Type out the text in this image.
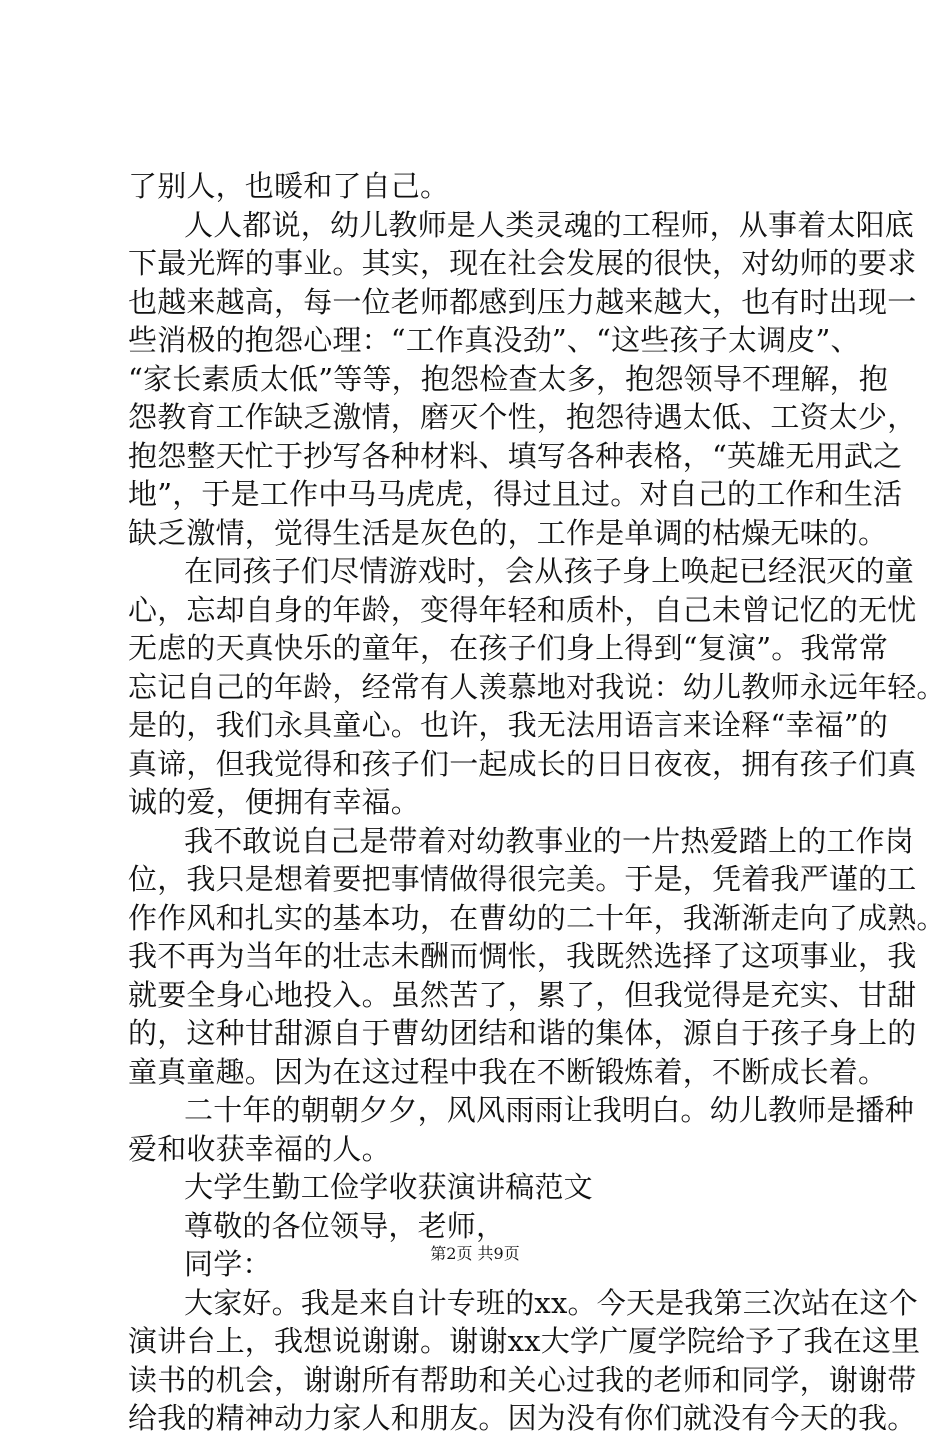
了别人，也暖和了自己。
人人都说，幼儿教师是人类灵魂的工程师，从事着太阳底
下最光辉的事业。其实，现在社会发展的很快，对幼师的要求
也越来越高，每一位老师都感到压力越来越大，也有时出现一
些消极的抱怨心理：“工作真没劲”、“这些孩子太调皮”、
“家长素质太低”等等，抱怨检查太多，抱怨领导不理解，抱
怨教育工作缺乏激情，磨灭个性，抱怨待遇太低、工资太少，
抱怨整天忙于抄写各种材料、填写各种表格，“英雄无用武之
地”，于是工作中马马虎虎，得过且过。对自己的工作和生活
缺乏激情，觉得生活是灰色的，工作是单调的枯燥无味的。
在同孩子们尽情游戏时，会从孩子身上唤起已经泯灭的童
心，忘却自身的年龄，变得年轻和质朴，自己未曾记忆的无忧
无虑的天真快乐的童年，在孩子们身上得到“复演”。我常常
忘记自己的年龄，经常有人羡慕地对我说：幼儿教师永远年轻。
是的，我们永具童心。也许，我无法用语言来诠释“幸福”的
真谛，但我觉得和孩子们一起成长的日日夜夜，拥有孩子们真
诚的爱，便拥有幸福。
我不敢说自己是带着对幼教事业的一片热爱踏上的工作岗
位，我只是想着要把事情做得很完美。于是，凭着我严谨的工
作作风和扎实的基本功，在曹幼的二十年，我渐渐走向了成熟。
我不再为当年的壮志未酬而惆怅，我既然选择了这项事业，我
就要全身心地投入。虽然苦了，累了，但我觉得是充实、甘甜
的，这种甘甜源自于曹幼团结和谐的集体，源自于孩子身上的
童真童趣。因为在这过程中我在不断锻炼着，不断成长着。
二十年的朝朝夕夕，风风雨雨让我明白。幼儿教师是播种
爱和收获幸福的人。
大学生勤工俭学收获演讲稿范文
尊敬的各位领导，老师，
同学：
大家好。我是来自计专班的xx。今天是我第三次站在这个
演讲台上，我想说谢谢。谢谢xx大学广厦学院给予了我在这里
读书的机会，谢谢所有帮助和关心过我的老师和同学，谢谢带
给我的精神动力家人和朋友。因为没有你们就没有今天的我。
第2页 共9页
